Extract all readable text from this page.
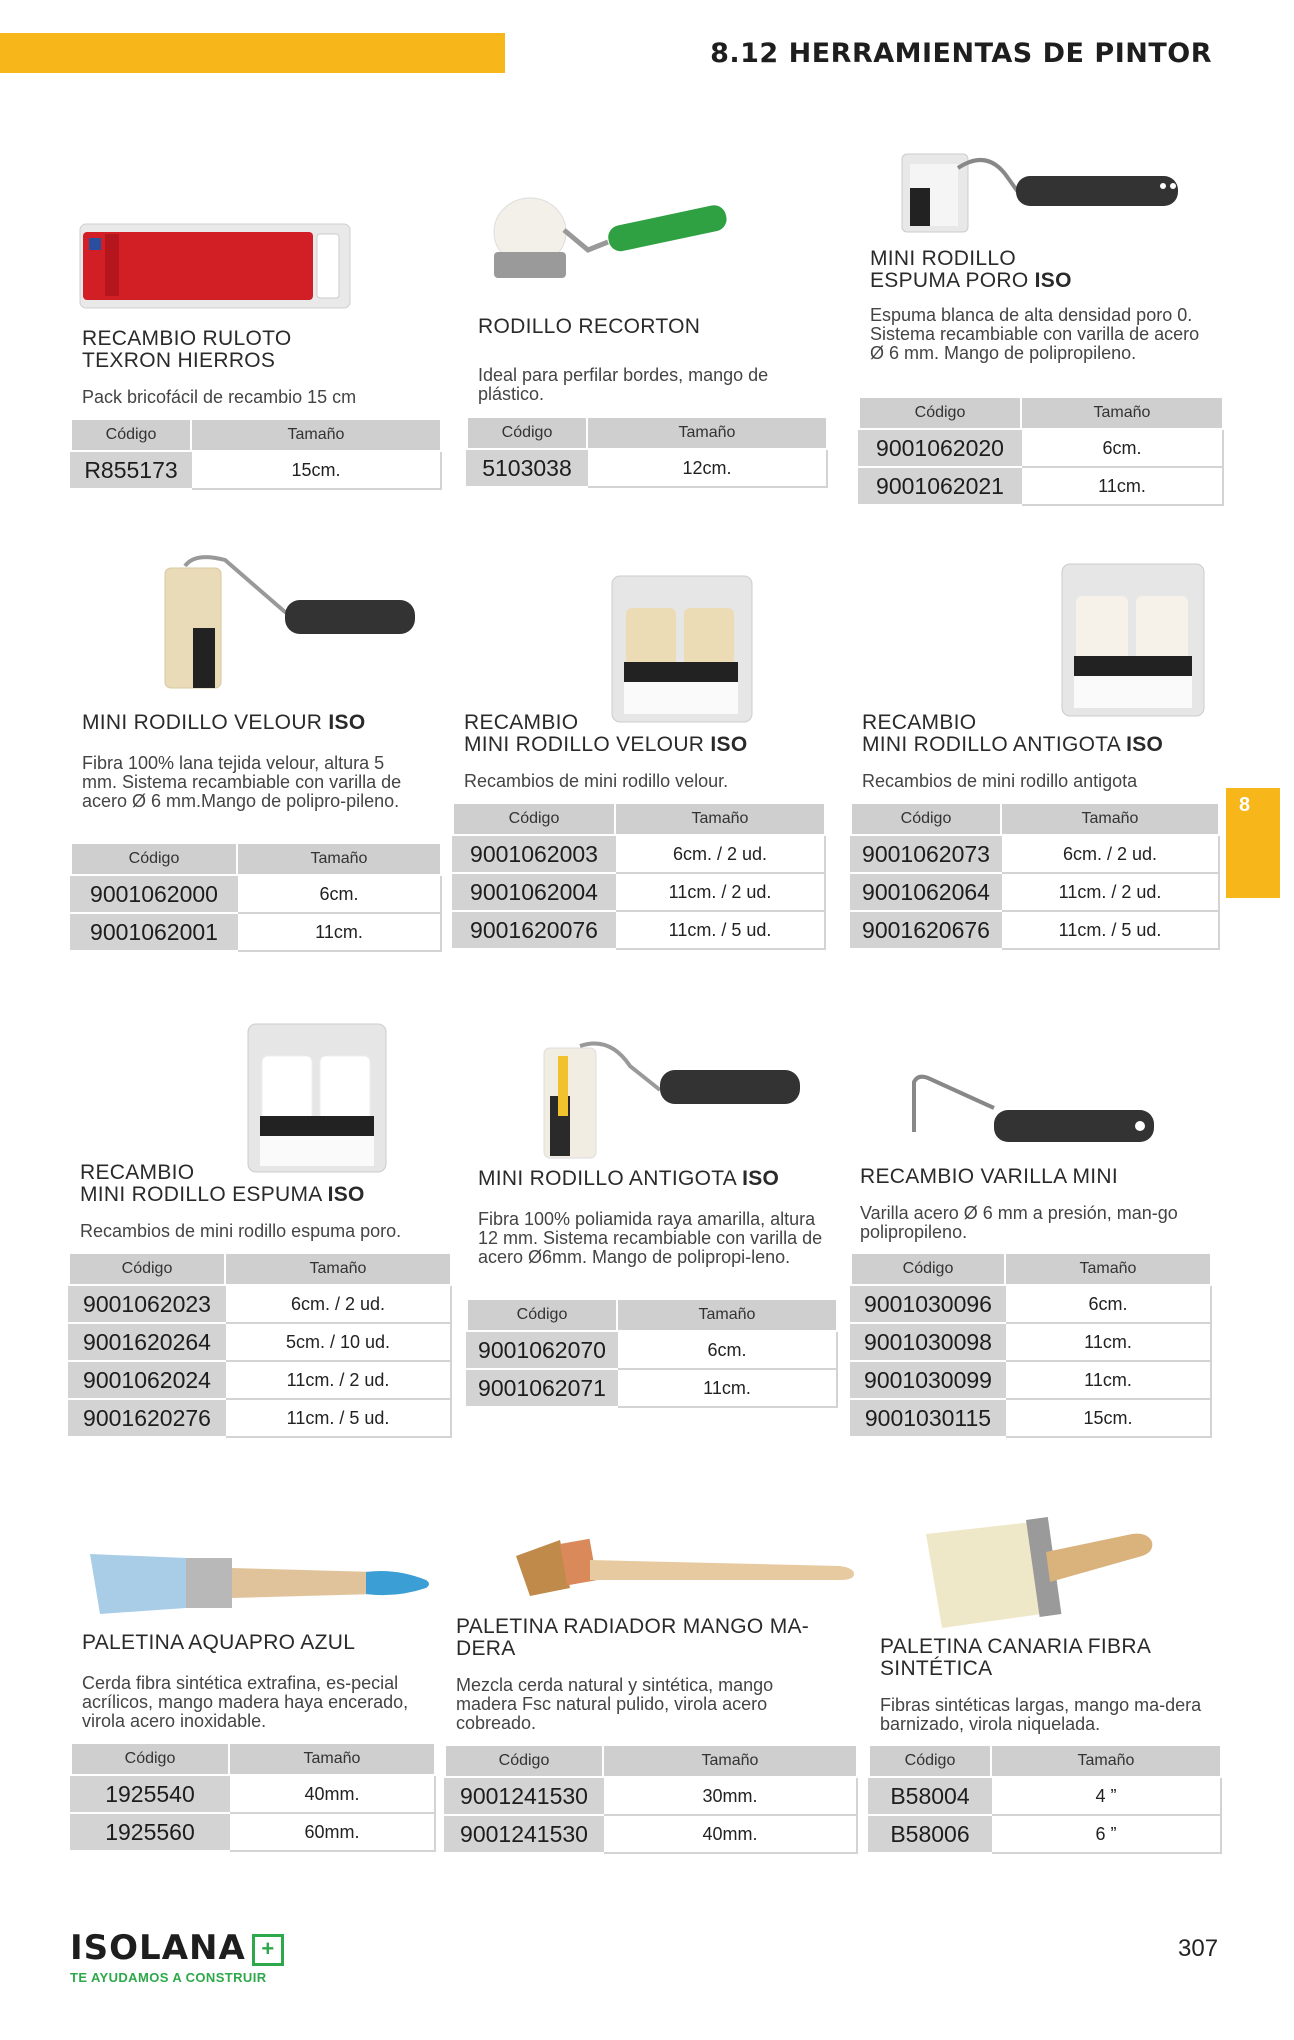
8.12 HERRAMIENTAS DE PINTOR
8
RECAMBIO RULOTO
TEXRON HIERROS
Pack bricofácil de recambio 15 cm
Código	Tamaño
R855173	15cm.
RODILLO RECORTON
Ideal para perfilar bordes, mango de plástico.
Código	Tamaño
5103038	12cm.
MINI RODILLO
ESPUMA PORO ISO
Espuma blanca de alta densidad poro 0. Sistema recambiable con varilla de acero Ø 6 mm. Mango de polipropileno.
Código	Tamaño
9001062020	6cm.
9001062021	11cm.
MINI RODILLO VELOUR ISO
Fibra 100% lana tejida velour, altura 5 mm. Sistema recambiable con varilla de acero Ø 6 mm.Mango de polipro-pileno.
Código	Tamaño
9001062000	6cm.
9001062001	11cm.
RECAMBIO
MINI RODILLO VELOUR ISO
Recambios de mini rodillo velour.
Código	Tamaño
9001062003	6cm. / 2 ud.
9001062004	11cm. / 2 ud.
9001620076	11cm. / 5 ud.
RECAMBIO
MINI RODILLO ANTIGOTA ISO
Recambios de mini rodillo antigota
Código	Tamaño
9001062073	6cm. / 2 ud.
9001062064	11cm. / 2 ud.
9001620676	11cm. / 5 ud.
RECAMBIO
MINI RODILLO ESPUMA ISO
Recambios de mini rodillo espuma poro.
Código	Tamaño
9001062023	6cm. / 2 ud.
9001620264	5cm. / 10 ud.
9001062024	11cm. / 2 ud.
9001620276	11cm. / 5 ud.
MINI RODILLO ANTIGOTA ISO
Fibra 100% poliamida raya amarilla, altura 12 mm. Sistema recambiable con varilla de acero Ø6mm. Mango de polipropi-leno.
Código	Tamaño
9001062070	6cm.
9001062071	11cm.
RECAMBIO VARILLA MINI
Varilla acero Ø 6 mm a presión, man-go polipropileno.
Código	Tamaño
9001030096	6cm.
9001030098	11cm.
9001030099	11cm.
9001030115	15cm.
PALETINA AQUAPRO AZUL
Cerda fibra sintética extrafina, es-pecial acrílicos, mango madera haya encerado, virola acero inoxidable.
Código	Tamaño
1925540	40mm.
1925560	60mm.
PALETINA RADIADOR MANGO MA-
DERA
Mezcla cerda natural y sintética, mango madera Fsc natural pulido, virola acero cobreado.
Código	Tamaño
9001241530	30mm.
9001241530	40mm.
PALETINA CANARIA FIBRA
SINTÉTICA
Fibras sintéticas largas, mango ma-dera barnizado, virola niquelada.
Código	Tamaño
B58004	4 ”
B58006	6 ”
ISOLANA +
TE AYUDAMOS A CONSTRUIR
307
